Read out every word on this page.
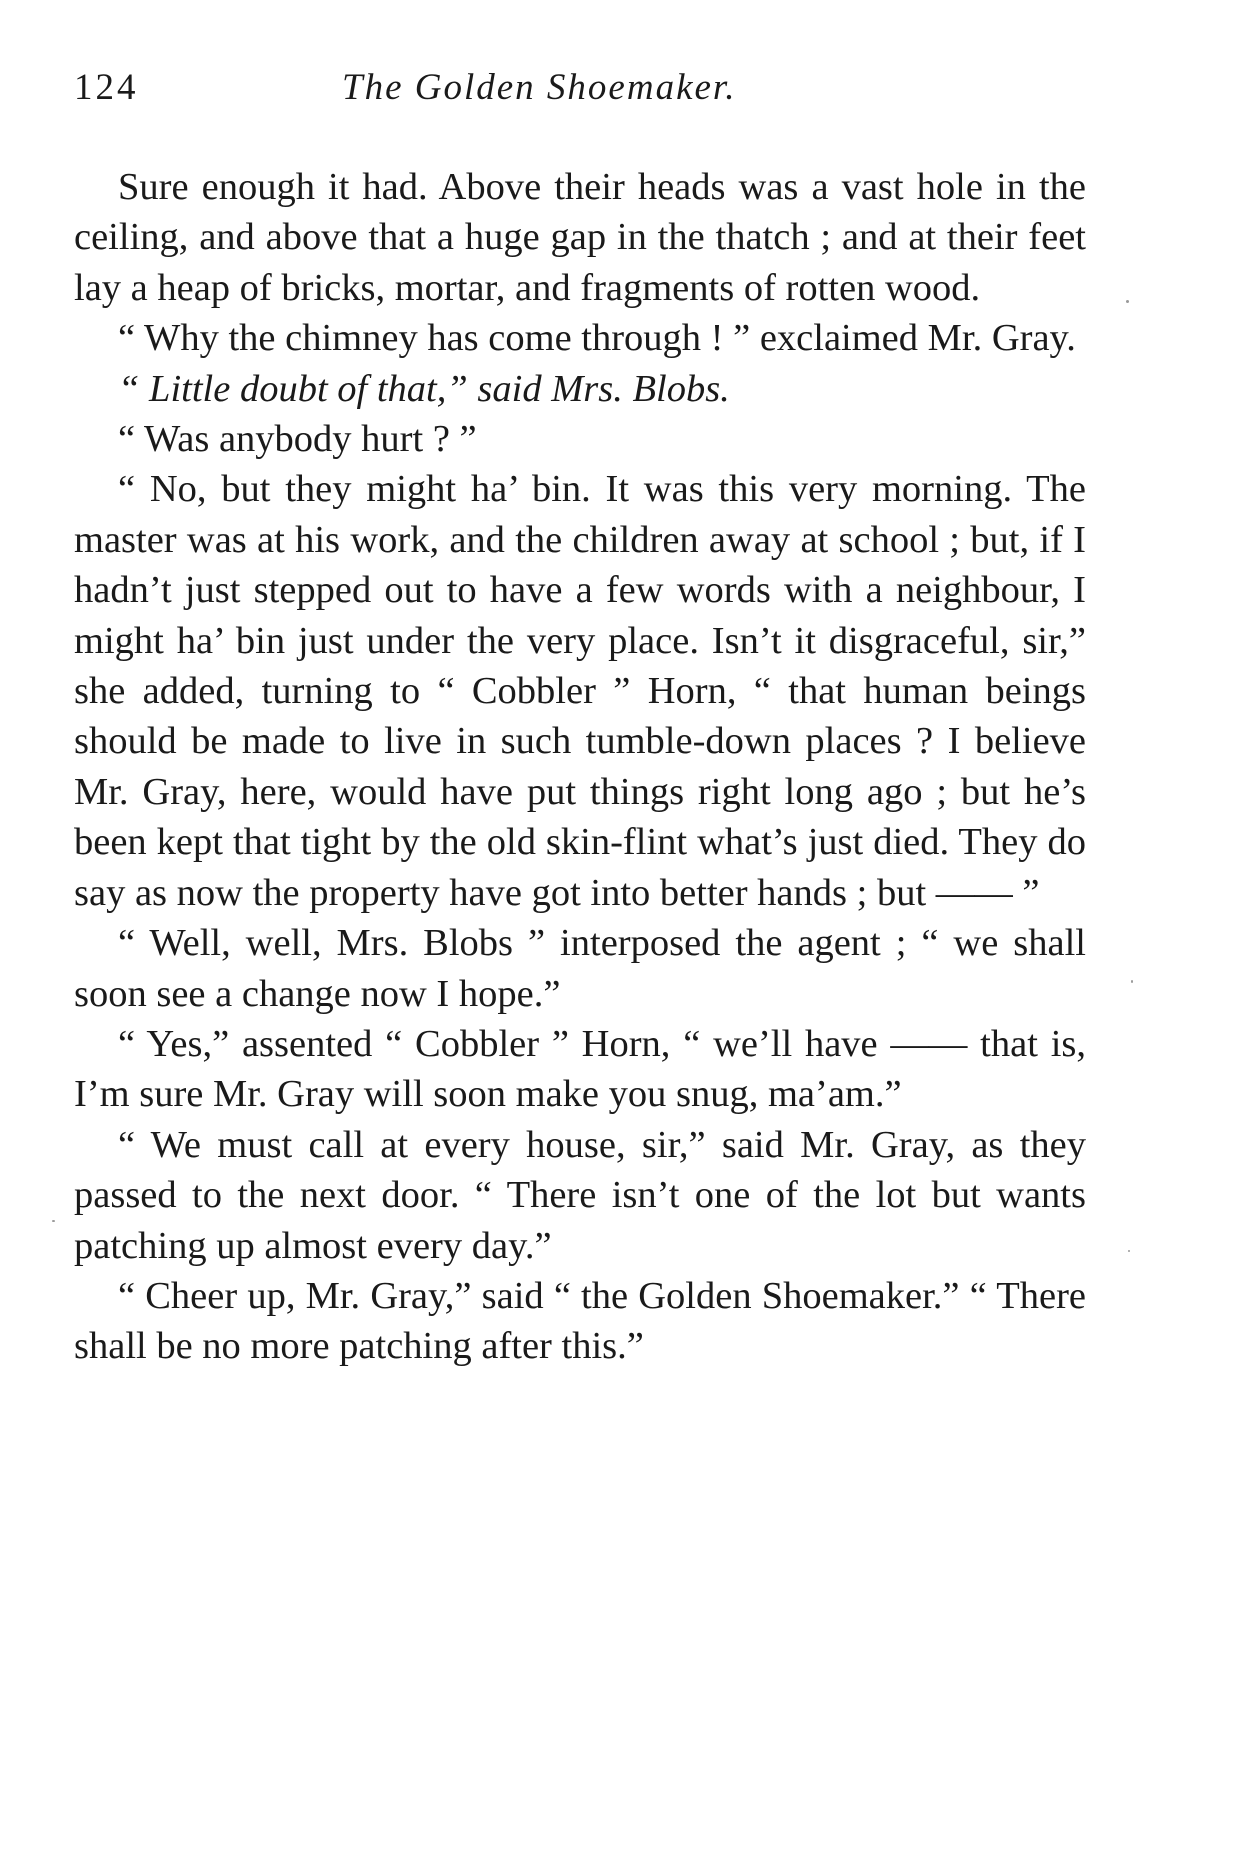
124	The Golden Shoemaker.

Sure enough it had. Above their heads was a vast hole in the ceiling, and above that a huge gap in the thatch ; and at their feet lay a heap of bricks, mortar, and fragments of rotten wood.

“ Why the chimney has come through ! ” exclaimed Mr. Gray.

“ Little doubt of that,” said Mrs. Blobs.

“ Was anybody hurt ? ”

“ No, but they might ha’ bin. It was this very morning. The master was at his work, and the children away at school ; but, if I hadn’t just stepped out to have a few words with a neighbour, I might ha’ bin just under the very place. Isn’t it disgraceful, sir,” she added, turning to “ Cobbler ” Horn, “ that human beings should be made to live in such tumble-down places ? I believe Mr. Gray, here, would have put things right long ago ; but he’s been kept that tight by the old skin-flint what’s just died. They do say as now the property have got into better hands ; but —— ”

“ Well, well, Mrs. Blobs ” interposed the agent ; “ we shall soon see a change now I hope.”

“ Yes,” assented “ Cobbler ” Horn, “ we’ll have —— that is, I’m sure Mr. Gray will soon make you snug, ma’am.”

“ We must call at every house, sir,” said Mr. Gray, as they passed to the next door. “ There isn’t one of the lot but wants patching up almost every day.”

“ Cheer up, Mr. Gray,” said “ the Golden Shoemaker.” “ There shall be no more patching after this.”
